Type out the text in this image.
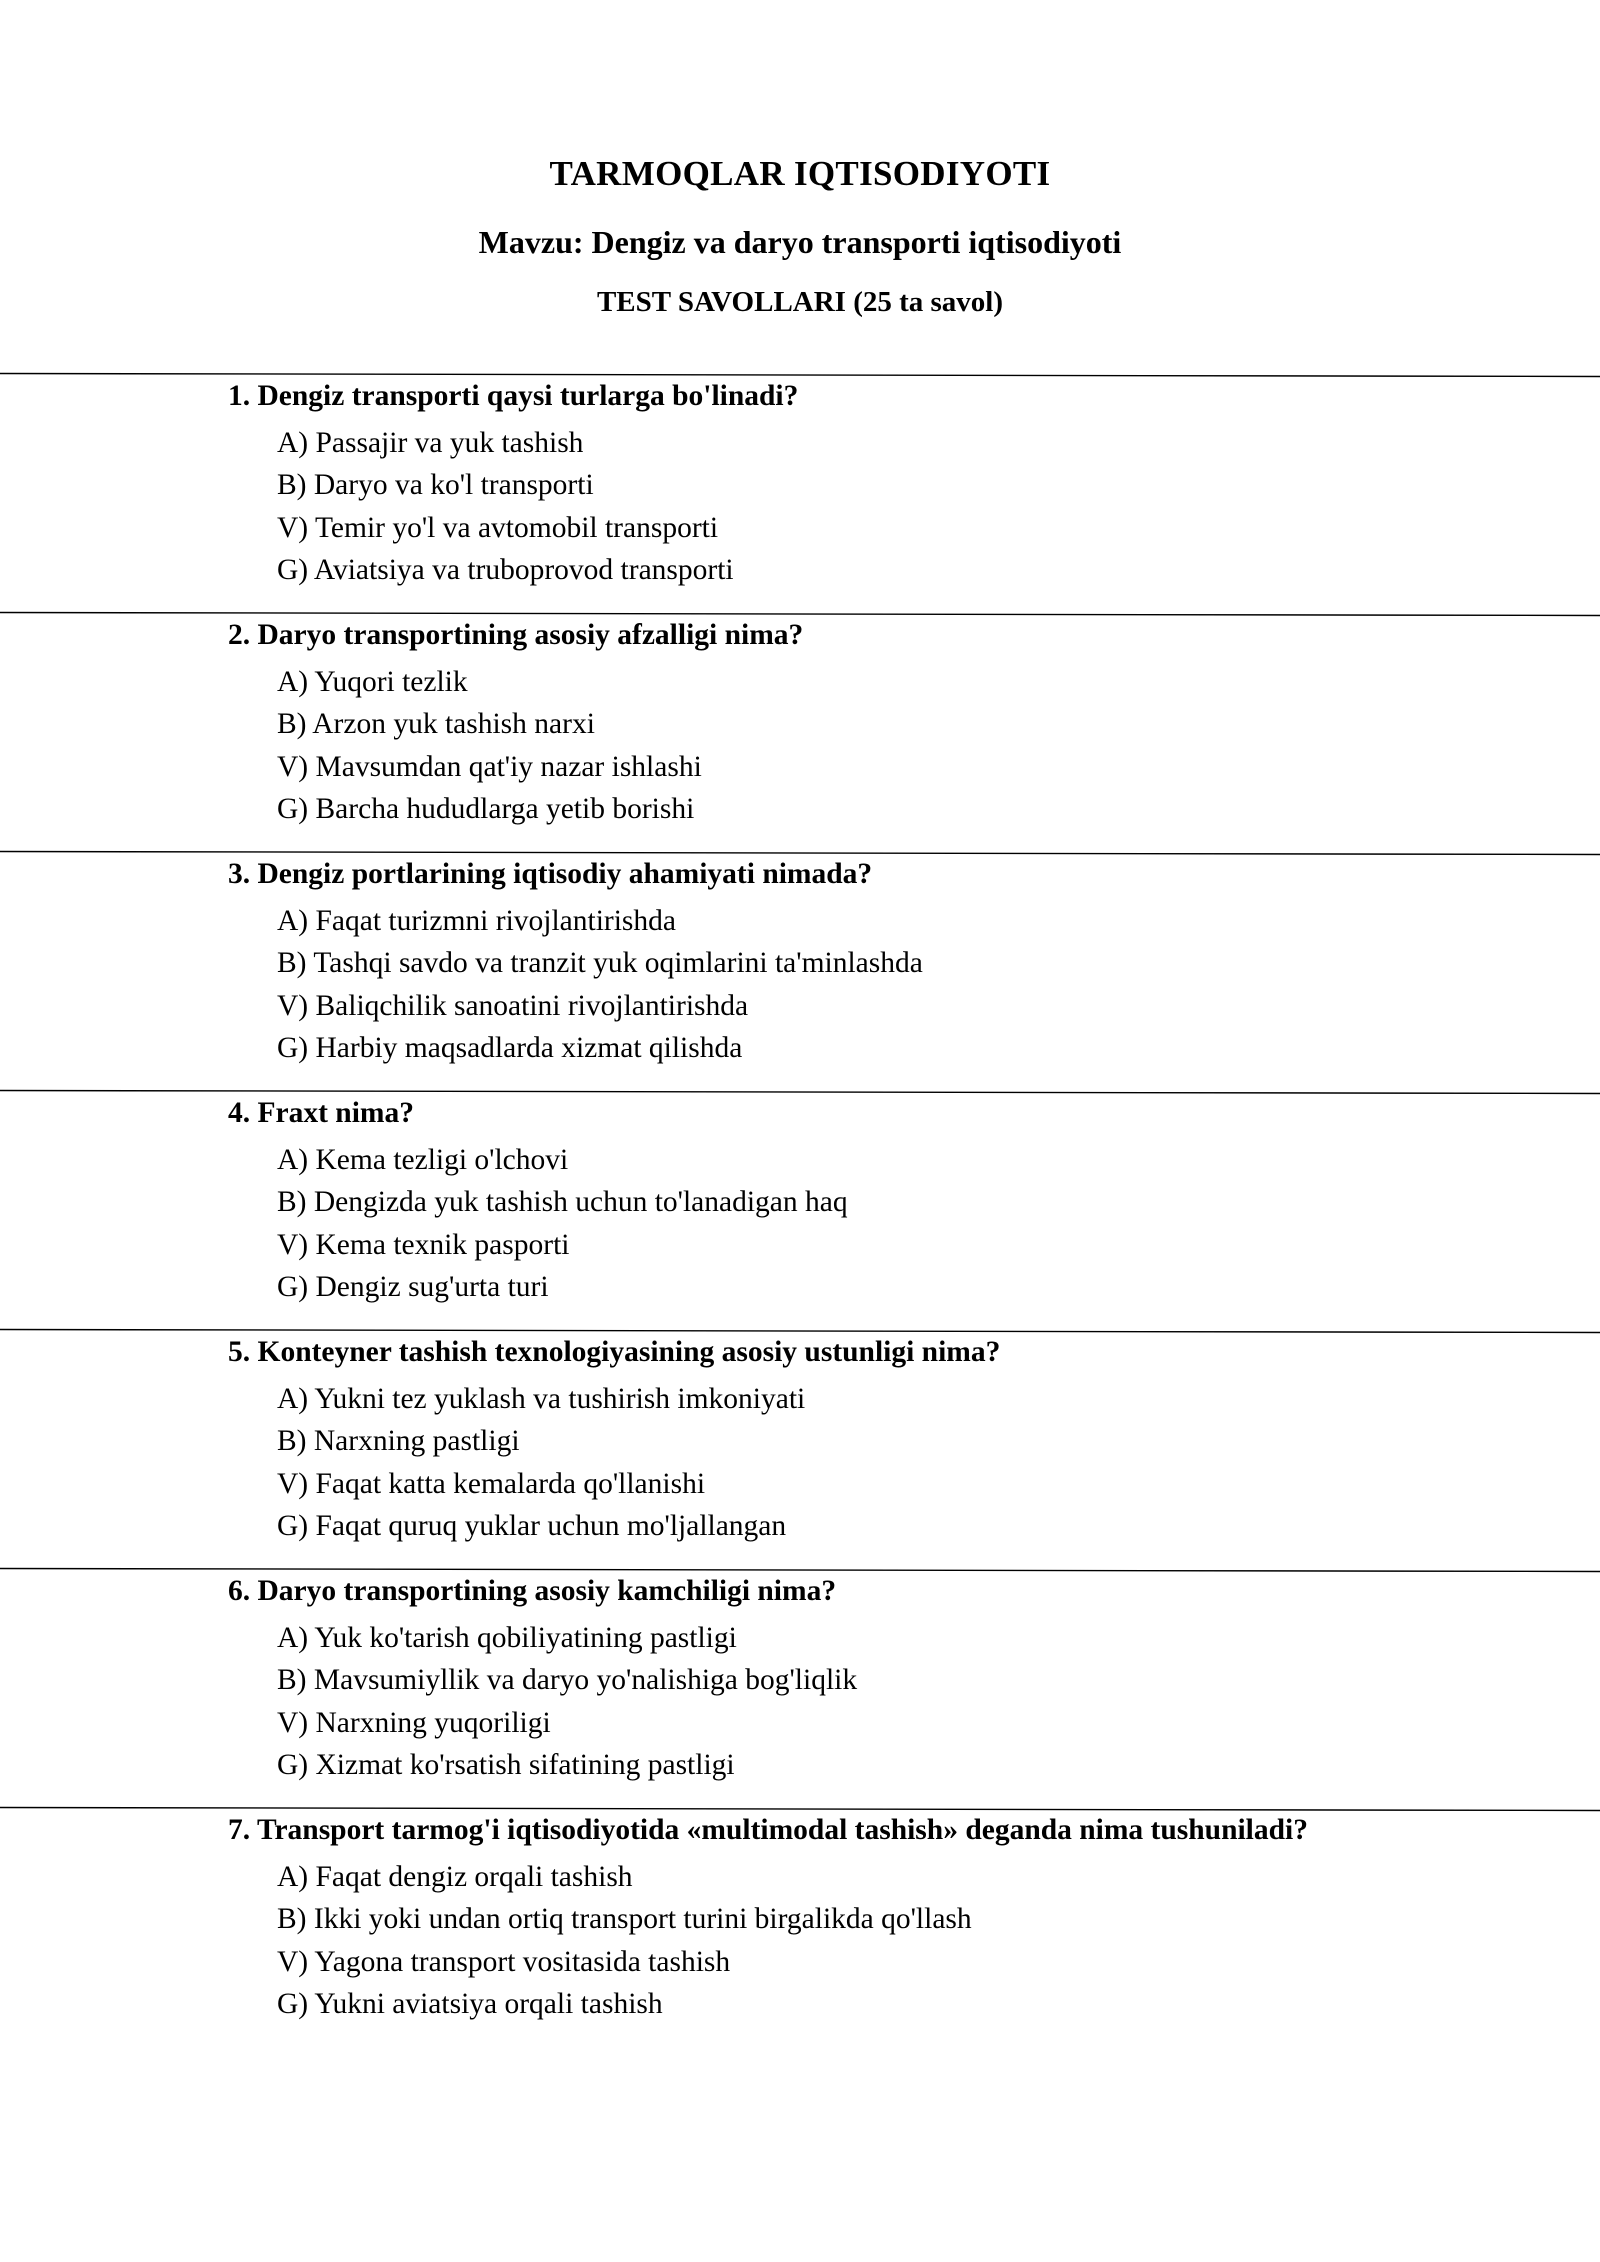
TARMOQLAR IQTISODIYOTI
Mavzu: Dengiz va daryo transporti iqtisodiyoti
TEST SAVOLLARI (25 ta savol)
1. Dengiz transporti qaysi turlarga bo'linadi?
A) Passajir va yuk tashish
B) Daryo va ko'l transporti
V) Temir yo'l va avtomobil transporti
G) Aviatsiya va truboprovod transporti
2. Daryo transportining asosiy afzalligi nima?
A) Yuqori tezlik
B) Arzon yuk tashish narxi
V) Mavsumdan qat'iy nazar ishlashi
G) Barcha hududlarga yetib borishi
3. Dengiz portlarining iqtisodiy ahamiyati nimada?
A) Faqat turizmni rivojlantirishda
B) Tashqi savdo va tranzit yuk oqimlarini ta'minlashda
V) Baliqchilik sanoatini rivojlantirishda
G) Harbiy maqsadlarda xizmat qilishda
4. Fraxt nima?
A) Kema tezligi o'lchovi
B) Dengizda yuk tashish uchun to'lanadigan haq
V) Kema texnik pasporti
G) Dengiz sug'urta turi
5. Konteyner tashish texnologiyasining asosiy ustunligi nima?
A) Yukni tez yuklash va tushirish imkoniyati
B) Narxning pastligi
V) Faqat katta kemalarda qo'llanishi
G) Faqat quruq yuklar uchun mo'ljallangan
6. Daryo transportining asosiy kamchiligi nima?
A) Yuk ko'tarish qobiliyatining pastligi
B) Mavsumiyllik va daryo yo'nalishiga bog'liqlik
V) Narxning yuqoriligi
G) Xizmat ko'rsatish sifatining pastligi
7. Transport tarmog'i iqtisodiyotida «multimodal tashish» deganda nima tushuniladi?
A) Faqat dengiz orqali tashish
B) Ikki yoki undan ortiq transport turini birgalikda qo'llash
V) Yagona transport vositasida tashish
G) Yukni aviatsiya orqali tashish
